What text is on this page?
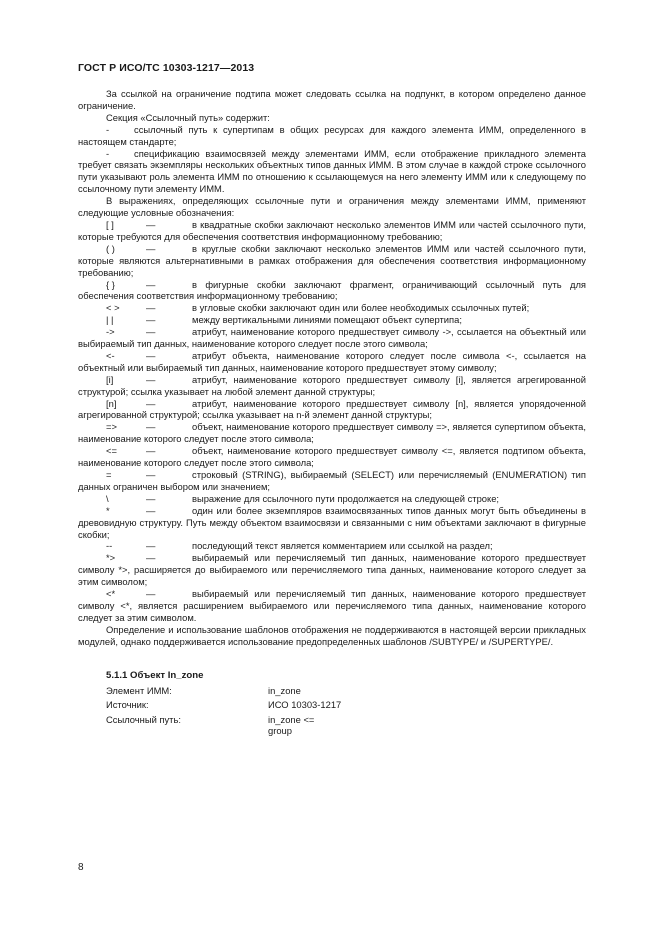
ГОСТ Р ИСО/ТС 10303-1217—2013

За ссылкой на ограничение подтипа может следовать ссылка на подпункт, в котором определено данное ограничение.

Секция «Ссылочный путь» содержит:

-	ссылочный путь к супертипам в общих ресурсах для каждого элемента ИММ, определенного в настоящем стандарте;

-	спецификацию взаимосвязей между элементами ИММ, если отображение прикладного элемента требует связать экземпляры нескольких объектных типов данных ИММ. В этом случае в каждой строке ссылочного пути указывают роль элемента ИММ по отношению к ссылающемуся на него элементу ИММ или к следующему по ссылочному пути элементу ИММ.

В выражениях, определяющих ссылочные пути и ограничения между элементами ИММ, применяют следующие условные обозначения:

[ ]	—	в квадратные скобки заключают несколько элементов ИММ или частей ссылочного пути, которые требуются для обеспечения соответствия информационному требованию;

( )	—	в круглые скобки заключают несколько элементов ИММ или частей ссылочного пути, которые являются альтернативными в рамках отображения для обеспечения соответствия информационному требованию;

{ }	—	в фигурные скобки заключают фрагмент, ограничивающий ссылочный путь для обеспечения соответствия информационному требованию;

< >	—	в угловые скобки заключают один или более необходимых ссылочных путей;

| |	—	между вертикальными линиями помещают объект супертипа;

->	—	атрибут, наименование которого предшествует символу ->, ссылается на объектный или выбираемый тип данных, наименование которого следует после этого символа;

<-	—	атрибут объекта, наименование которого следует после символа <-, ссылается на объектный или выбираемый тип данных, наименование которого предшествует этому символу;

[i]	—	атрибут, наименование которого предшествует символу [i], является агрегированной структурой; ссылка указывает на любой элемент данной структуры;

[n]	—	атрибут, наименование которого предшествует символу [n], является упорядоченной агрегированной структурой; ссылка указывает на n-й элемент данной структуры;

=>	—	объект, наименование которого предшествует символу =>, является супертипом объекта, наименование которого следует после этого символа;

<=	—	объект, наименование которого предшествует символу <=, является подтипом объекта, наименование которого следует после этого символа;

=	—	строковый (STRING), выбираемый (SELECT) или перечисляемый (ENUMERATION) тип данных ограничен выбором или значением;

\	—	выражение для ссылочного пути продолжается на следующей строке;

*	—	один или более экземпляров взаимосвязанных типов данных могут быть объединены в древовидную структуру. Путь между объектом взаимосвязи и связанными с ним объектами заключают в фигурные скобки;

--	—	последующий текст является комментарием или ссылкой на раздел;

*>	—	выбираемый или перечисляемый тип данных, наименование которого предшествует символу *>, расширяется до выбираемого или перечисляемого типа данных, наименование которого следует за этим символом;

<*	—	выбираемый или перечисляемый тип данных, наименование которого предшествует символу <*, является расширением выбираемого или перечисляемого типа данных, наименование которого следует за этим символом.

Определение и использование шаблонов отображения не поддерживаются в настоящей версии прикладных модулей, однако поддерживается использование предопределенных шаблонов /SUBTYPE/ и /SUPERTYPE/.

5.1.1 Объект In_zone
Элемент ИММ:	in_zone
Источник:	ИСО 10303-1217
Ссылочный путь:	in_zone <=
group
8
